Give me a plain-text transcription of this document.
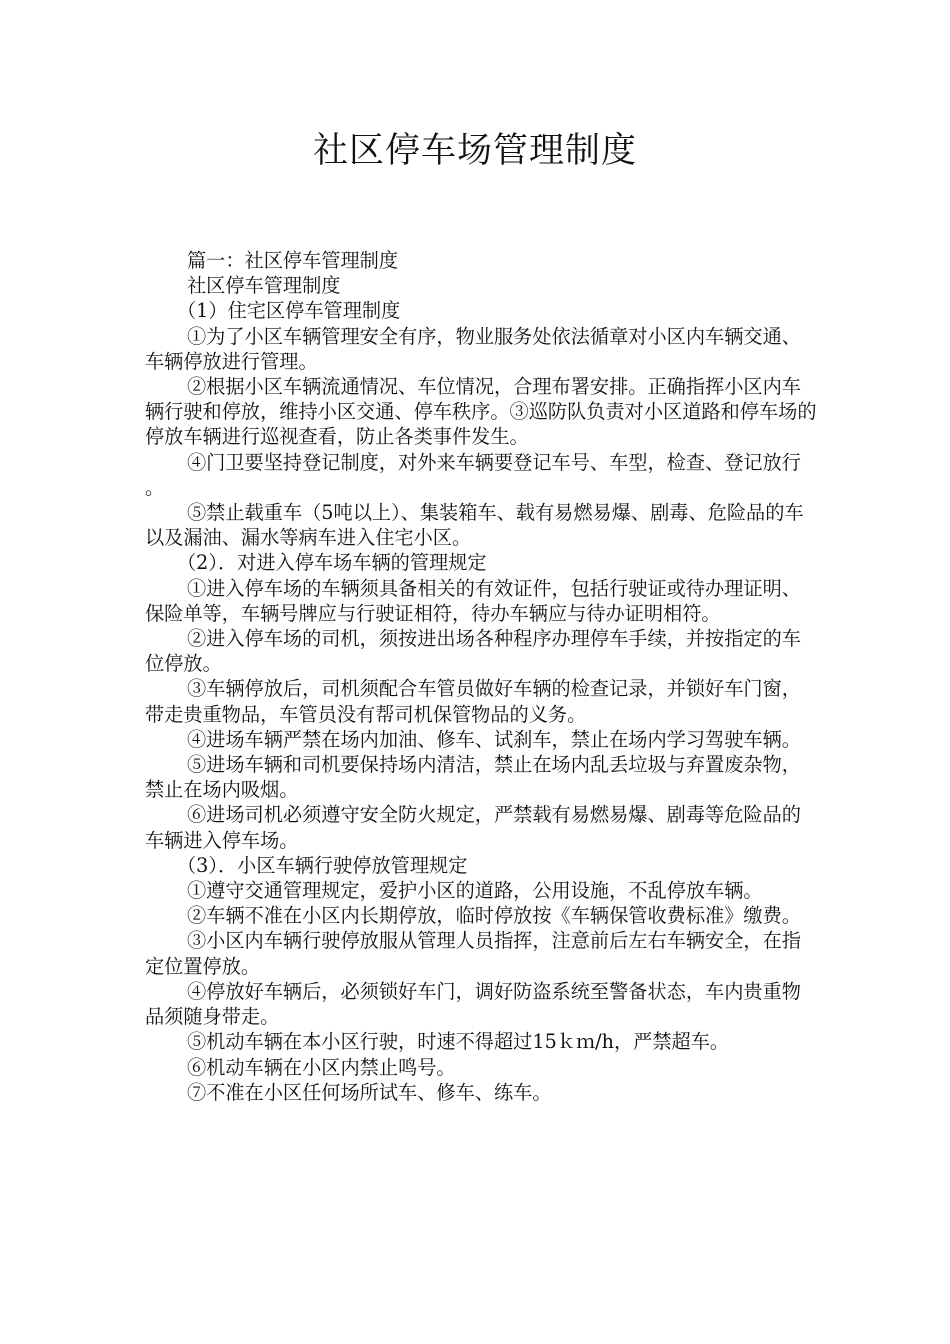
社区停车场管理制度

篇一：社区停车管理制度

社区停车管理制度

（1）住宅区停车管理制度

①为了小区车辆管理安全有序，物业服务处依法循章对小区内车辆交通、车辆停放进行管理。

②根据小区车辆流通情况、车位情况，合理布署安排。正确指挥小区内车辆行驶和停放，维持小区交通、停车秩序。③巡防队负责对小区道路和停车场的停放车辆进行巡视查看，防止各类事件发生。

④门卫要坚持登记制度，对外来车辆要登记车号、车型，检查、登记放行。

⑤禁止载重车（5吨以上）、集装箱车、载有易燃易爆、剧毒、危险品的车以及漏油、漏水等病车进入住宅小区。

（2）．对进入停车场车辆的管理规定

①进入停车场的车辆须具备相关的有效证件，包括行驶证或待办理证明、保险单等，车辆号牌应与行驶证相符，待办车辆应与待办证明相符。

②进入停车场的司机，须按进出场各种程序办理停车手续，并按指定的车位停放。

③车辆停放后，司机须配合车管员做好车辆的检查记录，并锁好车门窗，带走贵重物品，车管员没有帮司机保管物品的义务。

④进场车辆严禁在场内加油、修车、试刹车，禁止在场内学习驾驶车辆。

⑤进场车辆和司机要保持场内清洁，禁止在场内乱丢垃圾与弃置废杂物，禁止在场内吸烟。

⑥进场司机必须遵守安全防火规定，严禁载有易燃易爆、剧毒等危险品的车辆进入停车场。

（3）．小区车辆行驶停放管理规定

①遵守交通管理规定，爱护小区的道路，公用设施，不乱停放车辆。

②车辆不准在小区内长期停放，临时停放按《车辆保管收费标准》缴费。

③小区内车辆行驶停放服从管理人员指挥，注意前后左右车辆安全，在指定位置停放。

④停放好车辆后，必须锁好车门，调好防盗系统至警备状态，车内贵重物品须随身带走。

⑤机动车辆在本小区行驶，时速不得超过15ｋｍ/h，严禁超车。

⑥机动车辆在小区内禁止鸣号。

⑦不准在小区任何场所试车、修车、练车。
